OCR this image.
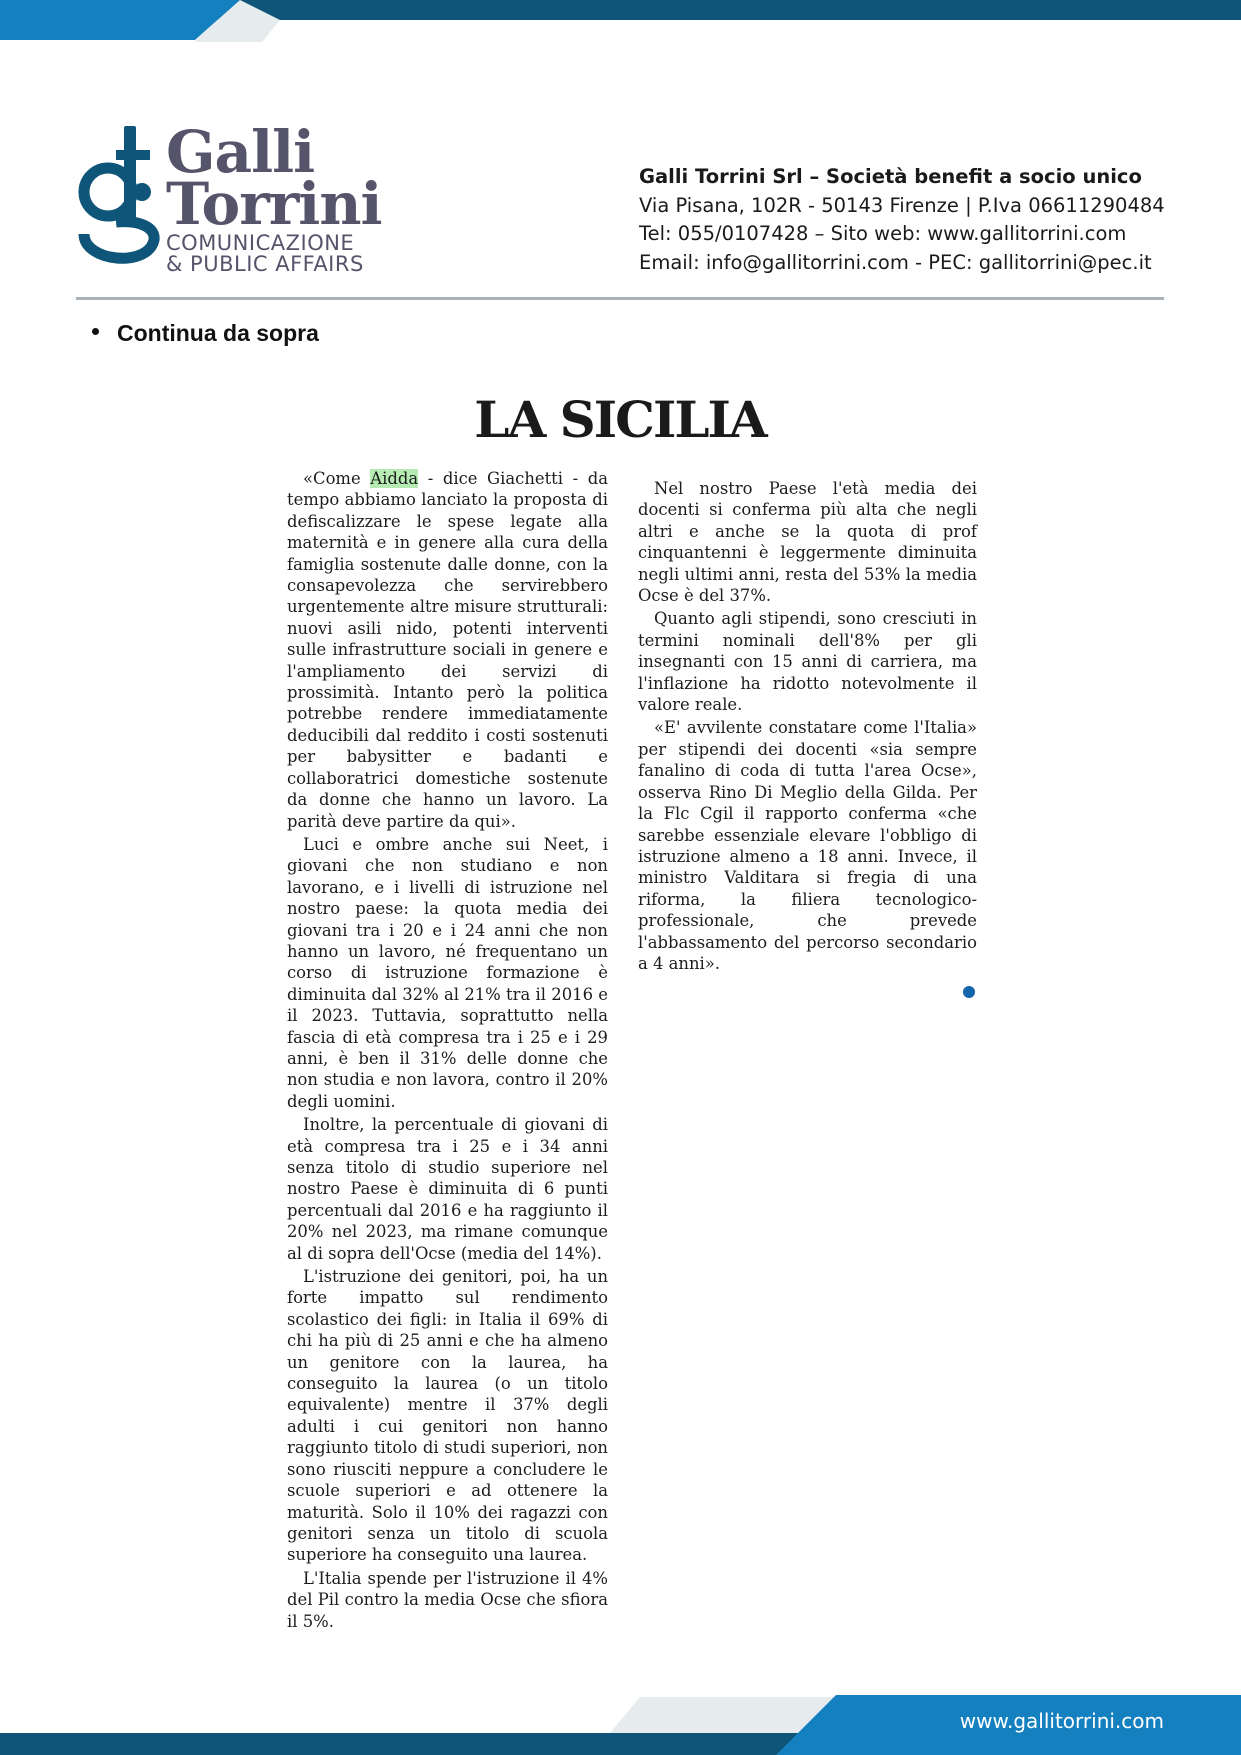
Galli
Torrini
COMUNICAZIONE
& PUBLIC AFFAIRS
Galli Torrini Srl – Società benefit a socio unico
Via Pisana, 102R - 50143 Firenze | P.Iva 06611290484
Tel: 055/0107428 – Sito web: www.gallitorrini.com
Email: info@gallitorrini.com - PEC: gallitorrini@pec.it
Continua da sopra
LA SICILIA

«Come Aidda - dice Giachetti - da tempo abbiamo lanciato la proposta di defiscalizzare le spese legate alla maternità e in genere alla cura della famiglia sostenute dalle donne, con la consapevolezza che servirebbero urgentemente altre misure strutturali: nuovi asili nido, potenti interventi sulle infrastrutture sociali in genere e l'ampliamento dei servizi di prossimità. Intanto però la politica potrebbe rendere immediatamente deducibili dal reddito i costi sostenuti per babysitter e badanti e collaboratrici domestiche sostenute da donne che hanno un lavoro. La parità deve partire da qui».

Luci e ombre anche sui Neet, i giovani che non studiano e non lavorano, e i livelli di istruzione nel nostro paese: la quota media dei giovani tra i 20 e i 24 anni che non hanno un lavoro, né frequentano un corso di istruzione formazione è diminuita dal 32% al 21% tra il 2016 e il 2023. Tuttavia, soprattutto nella fascia di età compresa tra i 25 e i 29 anni, è ben il 31% delle donne che non studia e non lavora, contro il 20% degli uomini.

Inoltre, la percentuale di giovani di età compresa tra i 25 e i 34 anni senza titolo di studio superiore nel nostro Paese è diminuita di 6 punti percentuali dal 2016 e ha raggiunto il 20% nel 2023, ma rimane comunque al di sopra dell'Ocse (media del 14%).

L'istruzione dei genitori, poi, ha un forte impatto sul rendimento scolastico dei figli: in Italia il 69% di chi ha più di 25 anni e che ha almeno un genitore con la laurea, ha conseguito la laurea (o un titolo equivalente) mentre il 37% degli adulti i cui genitori non hanno raggiunto titolo di studi superiori, non sono riusciti neppure a concludere le scuole superiori e ad ottenere la maturità. Solo il 10% dei ragazzi con genitori senza un titolo di scuola superiore ha conseguito una laurea.

L'Italia spende per l'istruzione il 4% del Pil contro la media Ocse che sfiora il 5%.

Nel nostro Paese l'età media dei docenti si conferma più alta che negli altri e anche se la quota di prof cinquantenni è leggermente diminuita negli ultimi anni, resta del 53% la media Ocse è del 37%.

Quanto agli stipendi, sono cresciuti in termini nominali dell'8% per gli insegnanti con 15 anni di carriera, ma l'inflazione ha ridotto notevolmente il valore reale.

«E' avvilente constatare come l'Italia» per stipendi dei docenti «sia sempre fanalino di coda di tutta l'area Ocse», osserva Rino Di Meglio della Gilda. Per la Flc Cgil il rapporto conferma «che sarebbe essenziale elevare l'obbligo di istruzione almeno a 18 anni. Invece, il ministro Valditara si fregia di una riforma, la filiera tecnologico-professionale, che prevede l'abbassamento del percorso secondario a 4 anni».

www.gallitorrini.com
